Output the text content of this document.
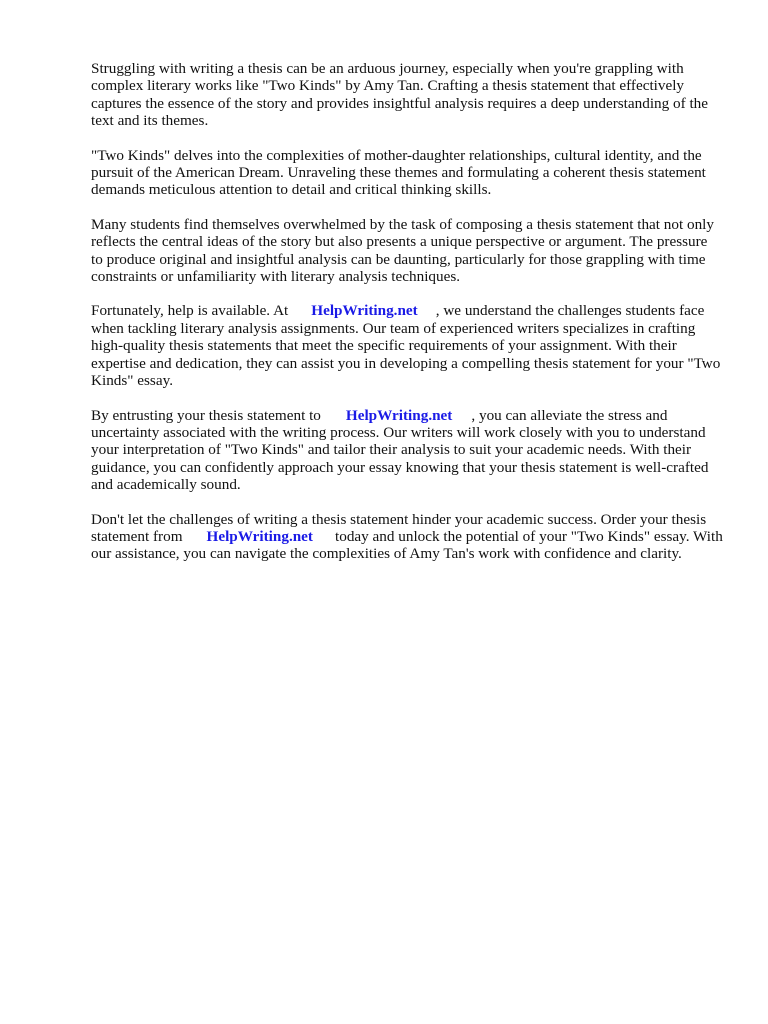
Struggling with writing a thesis can be an arduous journey, especially when you're grappling with complex literary works like "Two Kinds" by Amy Tan. Crafting a thesis statement that effectively captures the essence of the story and provides insightful analysis requires a deep understanding of the text and its themes.

"Two Kinds" delves into the complexities of mother-daughter relationships, cultural identity, and the pursuit of the American Dream. Unraveling these themes and formulating a coherent thesis statement demands meticulous attention to detail and critical thinking skills.

Many students find themselves overwhelmed by the task of composing a thesis statement that not only reflects the central ideas of the story but also presents a unique perspective or argument. The pressure to produce original and insightful analysis can be daunting, particularly for those grappling with time constraints or unfamiliarity with literary analysis techniques.

Fortunately, help is available. At HelpWriting.net , we understand the challenges students face when tackling literary analysis assignments. Our team of experienced writers specializes in crafting high-quality thesis statements that meet the specific requirements of your assignment. With their expertise and dedication, they can assist you in developing a compelling thesis statement for your "Two Kinds" essay.

By entrusting your thesis statement to HelpWriting.net , you can alleviate the stress and uncertainty associated with the writing process. Our writers will work closely with you to understand your interpretation of "Two Kinds" and tailor their analysis to suit your academic needs. With their guidance, you can confidently approach your essay knowing that your thesis statement is well-crafted and academically sound.

Don't let the challenges of writing a thesis statement hinder your academic success. Order your thesis statement from HelpWriting.net today and unlock the potential of your "Two Kinds" essay. With our assistance, you can navigate the complexities of Amy Tan's work with confidence and clarity.
